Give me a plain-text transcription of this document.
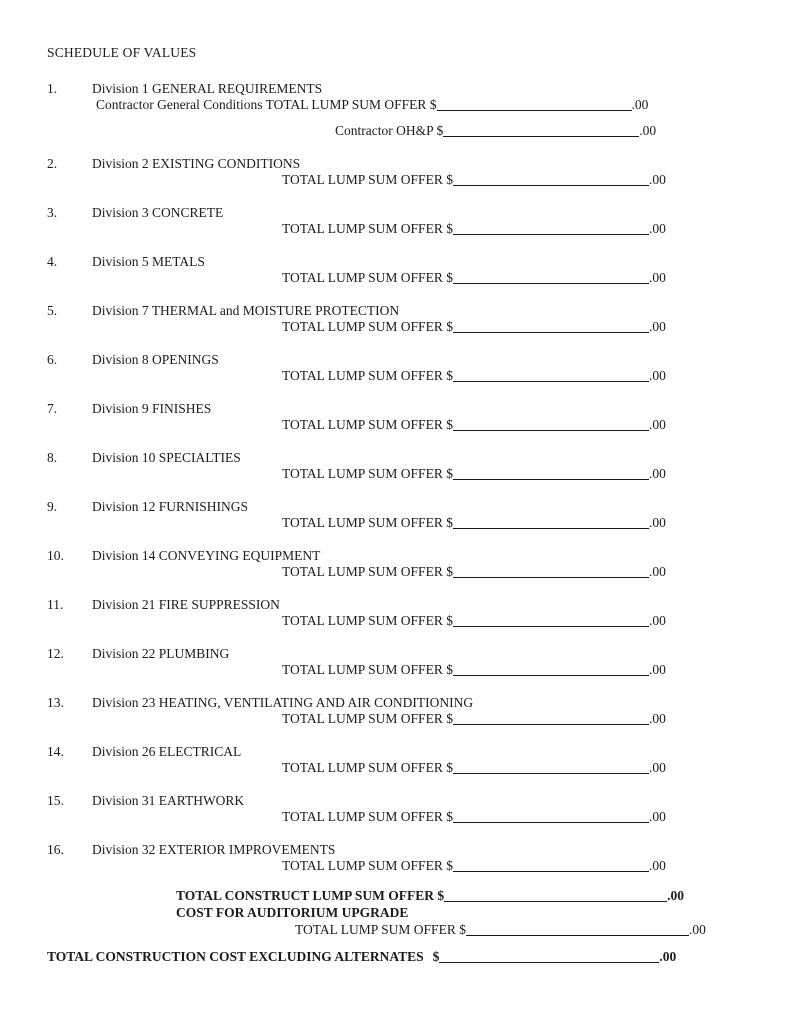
SCHEDULE OF VALUES
1.	Division 1 GENERAL REQUIREMENTS
Contractor General Conditions TOTAL LUMP SUM OFFER $	.00
Contractor OH&P $	.00
2.	Division 2 EXISTING CONDITIONS
TOTAL LUMP SUM OFFER $	.00
3.	Division 3 CONCRETE
TOTAL LUMP SUM OFFER $	.00
4.	Division 5 METALS
TOTAL LUMP SUM OFFER $	.00
5.	Division 7 THERMAL and MOISTURE PROTECTION
TOTAL LUMP SUM OFFER $	.00
6.	Division 8 OPENINGS
TOTAL LUMP SUM OFFER $	.00
7.	Division 9 FINISHES
TOTAL LUMP SUM OFFER $	.00
8.	Division 10 SPECIALTIES
TOTAL LUMP SUM OFFER $	.00
9.	Division 12 FURNISHINGS
TOTAL LUMP SUM OFFER $	.00
10. Division 14 CONVEYING EQUIPMENT
TOTAL LUMP SUM OFFER $	.00
11. Division 21 FIRE SUPPRESSION
TOTAL LUMP SUM OFFER $	.00
12. Division 22 PLUMBING
TOTAL LUMP SUM OFFER $	.00
13. Division 23 HEATING, VENTILATING AND AIR CONDITIONING
TOTAL LUMP SUM OFFER $	.00
14. Division 26 ELECTRICAL
TOTAL LUMP SUM OFFER $	.00
15. Division 31 EARTHWORK
TOTAL LUMP SUM OFFER $	.00
16. Division 32 EXTERIOR IMPROVEMENTS
TOTAL LUMP SUM OFFER $	.00
TOTAL CONSTRUCT LUMP SUM OFFER $	.00
COST FOR AUDITORIUM UPGRADE
TOTAL LUMP SUM OFFER $	.00
TOTAL CONSTRUCTION COST EXCLUDING ALTERNATES $	.00
